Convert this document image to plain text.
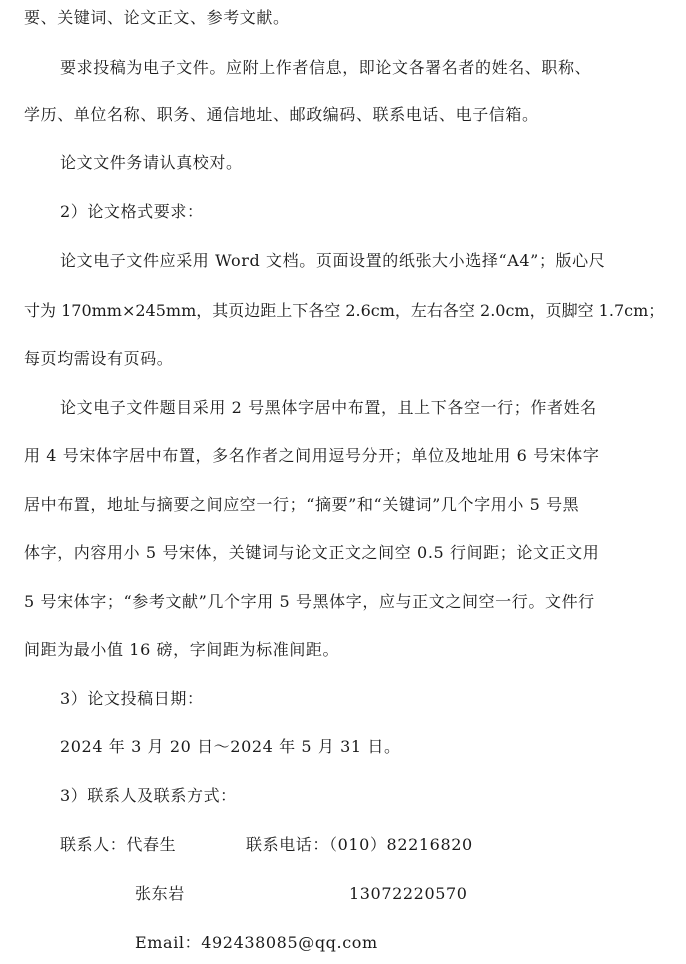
要、关键词、论文正文、参考文献。
要求投稿为电子文件。应附上作者信息，即论文各署名者的姓名、职称、
学历、单位名称、职务、通信地址、邮政编码、联系电话、电子信箱。
论文文件务请认真校对。
2）论文格式要求：
论文电子文件应采用 Word 文档。页面设置的纸张大小选择“A4”；版心尺
寸为 170mm×245mm，其页边距上下各空 2.6cm，左右各空 2.0cm，页脚空 1.7cm；
每页均需设有页码。
论文电子文件题目采用 2 号黑体字居中布置，且上下各空一行；作者姓名
用 4 号宋体字居中布置，多名作者之间用逗号分开；单位及地址用 6 号宋体字
居中布置，地址与摘要之间应空一行；“摘要”和“关键词”几个字用小 5 号黑
体字，内容用小 5 号宋体，关键词与论文正文之间空 0.5 行间距；论文正文用
5 号宋体字；“参考文献”几个字用 5 号黑体字，应与正文之间空一行。文件行
间距为最小值 16 磅，字间距为标准间距。
3）论文投稿日期：
2024 年 3 月 20 日～2024 年 5 月 31 日。
3）联系人及联系方式：
联系人：代春生	联系电话：（010）82216820
张东岩	13072220570
Email：492438085@qq.com
